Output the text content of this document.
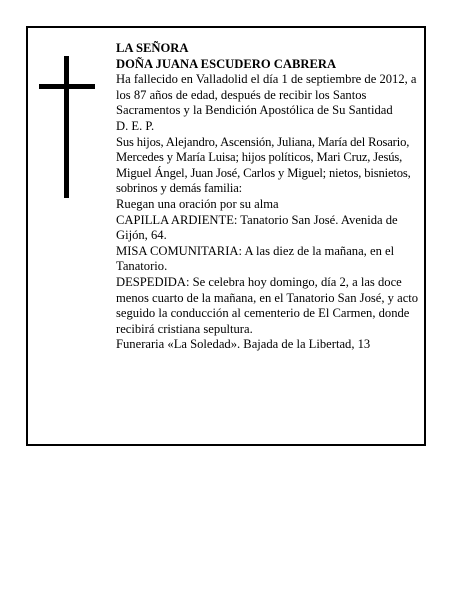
LA SEÑORA

DOÑA JUANA ESCUDERO CABRERA

Ha fallecido en Valladolid el día 1 de septiembre de 2012, a los 87 años de edad, después de recibir los Santos Sacramentos y la Bendición Apostólica de Su Santidad

D. E. P.

Sus hijos, Alejandro, Ascensión, Juliana, María del Rosario, Mercedes y María Luisa; hijos políticos, Mari Cruz, Jesús, Miguel Ángel, Juan José, Carlos y Miguel; nietos, bisnietos, sobrinos y demás familia:

Ruegan una oración por su alma

CAPILLA ARDIENTE: Tanatorio San José. Avenida de Gijón, 64.

MISA COMUNITARIA: A las diez de la mañana, en el Tanatorio.

DESPEDIDA: Se celebra hoy domingo, día 2, a las doce menos cuarto de la mañana, en el Tanatorio San José, y acto seguido la conducción al cementerio de El Carmen, donde recibirá cristiana sepultura.

Funeraria «La Soledad». Bajada de la Libertad, 13
